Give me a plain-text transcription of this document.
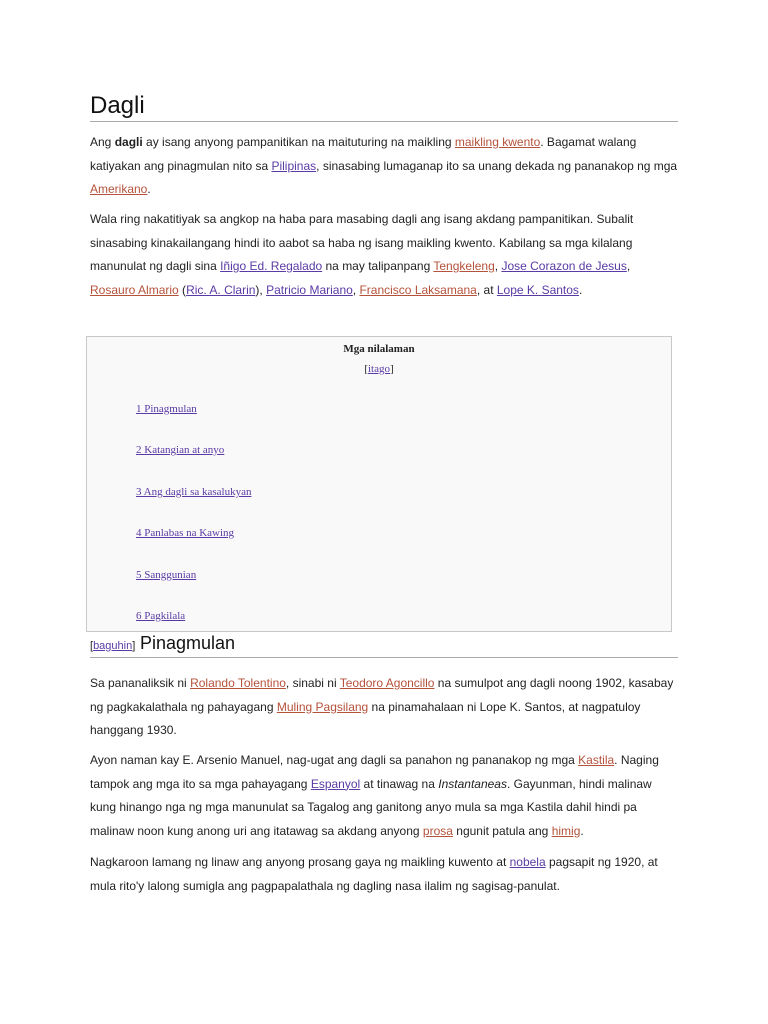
Dagli

Ang dagli ay isang anyong pampanitikan na maituturing na maikling maikling kwento. Bagamat walang katiyakan ang pinagmulan nito sa Pilipinas, sinasabing lumaganap ito sa unang dekada ng pananakop ng mga Amerikano.

Wala ring nakatitiyak sa angkop na haba para masabing dagli ang isang akdang pampanitikan. Subalit sinasabing kinakailangang hindi ito aabot sa haba ng isang maikling kwento. Kabilang sa mga kilalang manunulat ng dagli sina Iñigo Ed. Regalado na may talipanpang Tengkeleng, Jose Corazon de Jesus, Rosauro Almario (Ric. A. Clarin), Patricio Mariano, Francisco Laksamana, at Lope K. Santos.

Mga nilalaman
[itago]
1 Pinagmulan
2 Katangian at anyo
3 Ang dagli sa kasalukyan
4 Panlabas na Kawing
5 Sanggunian
6 Pagkilala
[baguhin] Pinagmulan

Sa pananaliksik ni Rolando Tolentino, sinabi ni Teodoro Agoncillo na sumulpot ang dagli noong 1902, kasabay ng pagkakalathala ng pahayagang Muling Pagsilang na pinamahalaan ni Lope K. Santos, at nagpatuloy hanggang 1930.

Ayon naman kay E. Arsenio Manuel, nag-ugat ang dagli sa panahon ng pananakop ng mga Kastila. Naging tampok ang mga ito sa mga pahayagang Espanyol at tinawag na Instantaneas. Gayunman, hindi malinaw kung hinango nga ng mga manunulat sa Tagalog ang ganitong anyo mula sa mga Kastila dahil hindi pa malinaw noon kung anong uri ang itatawag sa akdang anyong prosa ngunit patula ang himig.

Nagkaroon lamang ng linaw ang anyong prosang gaya ng maikling kuwento at nobela pagsapit ng 1920, at mula rito'y lalong sumigla ang pagpapalathala ng dagling nasa ilalim ng sagisag-panulat.
